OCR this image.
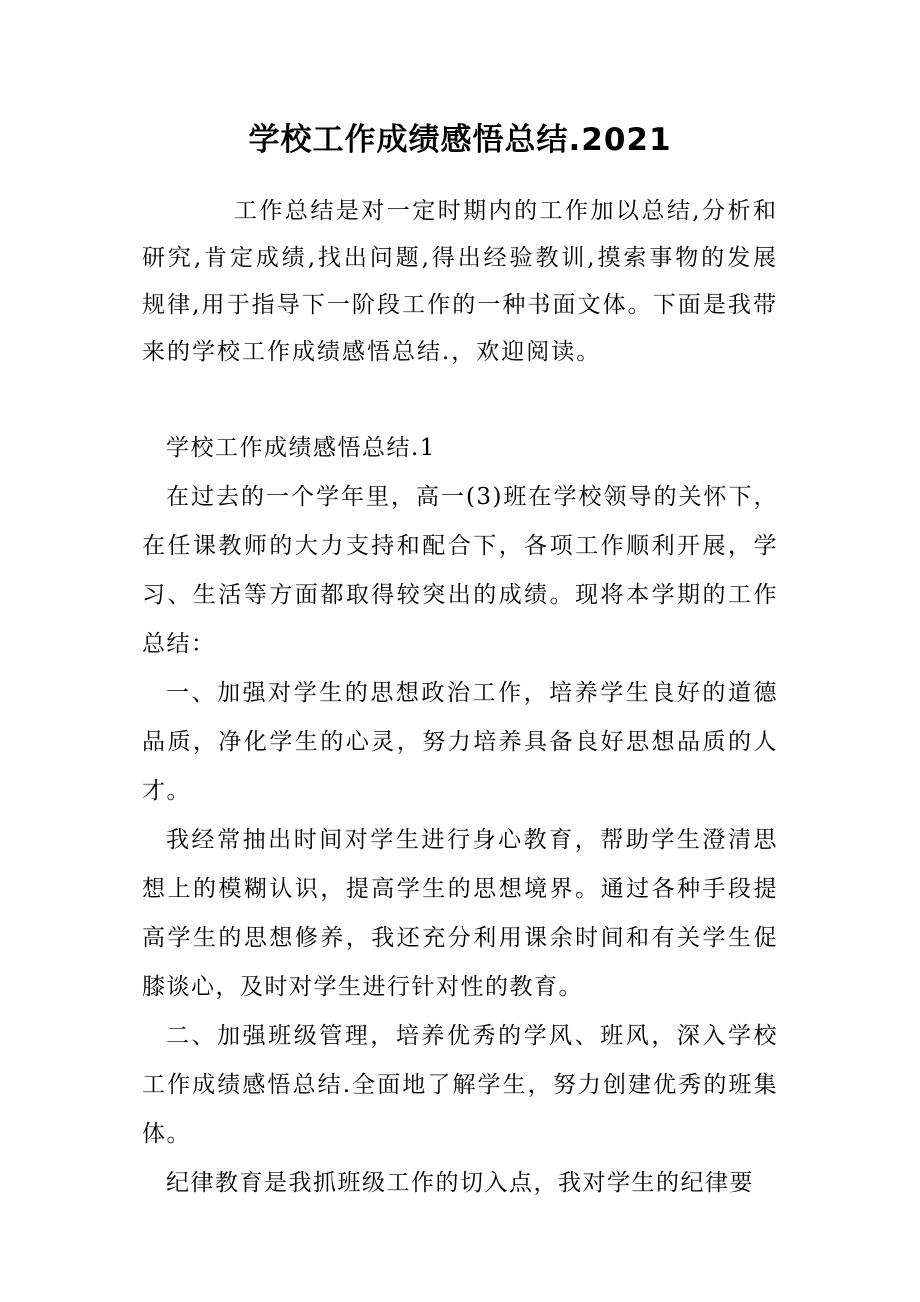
学校工作成绩感悟总结.2021

工作总结是对一定时期内的工作加以总结,分析和研究,肯定成绩,找出问题,得出经验教训,摸索事物的发展规律,用于指导下一阶段工作的一种书面文体。下面是我带来的学校工作成绩感悟总结.，欢迎阅读。

学校工作成绩感悟总结.1

在过去的一个学年里，高一(3)班在学校领导的关怀下，在任课教师的大力支持和配合下，各项工作顺利开展，学习、生活等方面都取得较突出的成绩。现将本学期的工作总结：

一、加强对学生的思想政治工作，培养学生良好的道德品质，净化学生的心灵，努力培养具备良好思想品质的人才。

我经常抽出时间对学生进行身心教育，帮助学生澄清思想上的模糊认识，提高学生的思想境界。通过各种手段提高学生的思想修养，我还充分利用课余时间和有关学生促膝谈心，及时对学生进行针对性的教育。

二、加强班级管理，培养优秀的学风、班风，深入学校工作成绩感悟总结.全面地了解学生，努力创建优秀的班集体。

纪律教育是我抓班级工作的切入点，我对学生的纪律要
